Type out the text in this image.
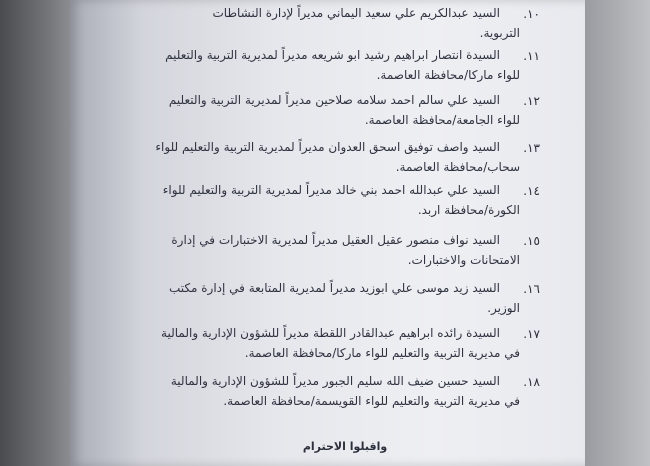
١٠.
السيد عبدالكريم علي سعيد اليماني مديراً لإدارة النشاطات
التربوية.
١١.
السيدة انتصار ابراهيم رشيد ابو شريعه مديراً لمديرية التربية والتعليم
للواء ماركا/محافظة العاصمة.
١٢.
السيد علي سالم احمد سلامه صلاحين مديراً لمديرية التربية والتعليم
للواء الجامعة/محافظة العاصمة.
١٣.
السيد واصف توفيق اسحق العدوان مديراً لمديرية التربية والتعليم للواء
سحاب/محافظة العاصمة.
١٤.
السيد علي عبدالله احمد بني خالد مديراً لمديرية التربية والتعليم للواء
الكورة/محافظة اربد.
١٥.
السيد نواف منصور عقيل العقيل مديراً لمديرية الاختبارات في إدارة
الامتحانات والاختبارات.
١٦.
السيد زيد موسى علي ابوزيد مديراً لمديرية المتابعة في إدارة مكتب
الوزير.
١٧.
السيدة رائده ابراهيم عبدالقادر اللقطة مديراً للشؤون الإدارية والمالية
في مديرية التربية والتعليم للواء ماركا/محافظة العاصمة.
١٨.
السيد حسين ضيف الله سليم الجبور مديراً للشؤون الإدارية والمالية
في مديرية التربية والتعليم للواء القويسمة/محافظة العاصمة.
واقبلوا الاحترام
